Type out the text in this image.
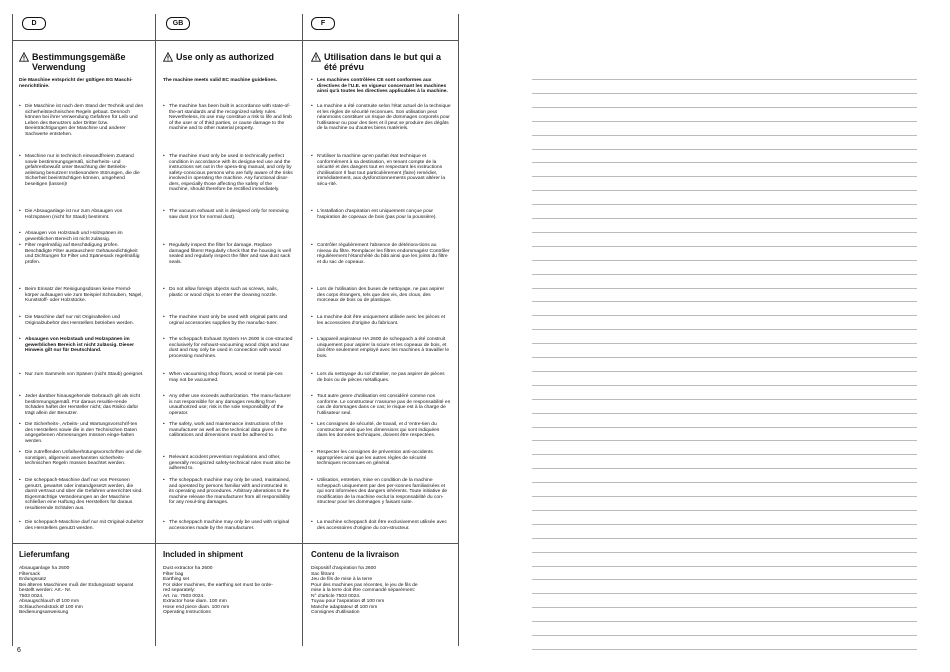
D	GB	F
Bestimmungsgemäße Verwendung
Use only as authorized	Utilisation dans le but qui a été prévu
Die Maschine entspricht der gültigen EG Maschi-nenrichtlinie.
The machine meets valid EC machine guidelines.
• Die Maschine ist nach dem Stand der Technik und den sicherheitstechnischen Regeln gebaut. Dennoch können bei ihrer Verwendung Gefahren für Leib und Leben des Benutzers oder Dritter bzw. Beeinträchtigungen der Maschine und anderer Sachwerte entstehen.
• Maschine nur in technisch einwandfreiem Zustand sowie bestimmungsgemäß, sicherheits- und gefahrenbewußt unter Beachtung der Betriebs-anleitung benutzen! Insbesondere Störungen, die die Sicherheit beeinträchtigen können, umgehend beseitigen (lassen)!
• Die Absauganlage ist nur zum Absaugen von Holzspänen (nicht für Staub) bestimmt.
• Absaugen von Holzstaub und Holzspänen im gewerblichen Bereich ist nicht zulässig.
• Filter regelmäßig auf Beschädigung prüfen. Beschädigte Filter austauschen! Gehäusedichtigkeit und Dichtungen für Filter und Spänesack regelmäßig prüfen.
• Beim Einsatz der Reinigungsdüsen keine Fremd-körper aufsaugen wie zum Beispiel Schrauben, Nägel, Kunststoff- oder Holzstücke.
• Die Maschine darf nur mit Originalteilen und Originalzubehör des Herstellers betrieben werden.
• Absaugen von Holzstaub und Holzspänen im gewerblichen Bereich ist nicht zulässig. Dieser Hinweis gilt nur für Deutschland.
• Nur zum Sammeln von Spänen (nicht Staub) geeignet.
• Jeder darüber hinausgehende Gebrauch gilt als nicht bestimmungsgemäß. Für daraus resultie-rende Schäden haftet der Hersteller nicht; das Risiko dafür trägt allein der Benutzer.
• Die Sicherheits-, Arbeits- und Wartungsvorschrif-ten des Herstellers sowie die in den Technischen Daten angegebenen Abmessungen müssen einge-halten werden.
• Die zutreffenden Unfallverhütungsvorschriften und die sonstigen, allgemein anerkannten sicherheits-technischen Regeln müssen beachtet werden.
• Die scheppach-Maschine darf nur von Personen genutzt, gewartet oder instandgesetzt werden, die damit vertraut und über die Gefahren unterrichtet sind. Eigenmächtige Veränderungen an der Maschine schließen eine Haftung des Herstellers für daraus resultierende Schäden aus.
• Die scheppach-Maschine darf nur mit Original-zubehör des Herstellers genutzt werden.
• The machine has been built in accordance with state-of-the-art standards and the recognized safety rules. Nevertheless, its use may constitue a risk to life and limb of the user or of third parties, or cause damage to the machine and to other material property.
• The machine must only be used in technically perfect condition in accordance with its designa-ted use and the instructions set out in the opera-ting manual, and only by safety-conscious persons who are fully aware of the risks involved in operating the machine. Any functional disor-ders, especially those affecting the safety of the machine, should therefore be rectified immediately.
• The vacuum exhaust unit is designed only for removing saw dust (nor for normal dust).
• Regularly inspect the filter for damage. Replace damaged filters! Regularly check that the housing is well sealed and regularly inspect the filter and saw dust sack seals.
• Do not allow foreign objects such as screws, nails, plastic or wood chips to enter the cleaning nozzle.
• The machine must only be used with original parts and orginal accessories supplies by the manufac-turer.
• The scheppach Exhaust System HA 2600 is con-structed exclusively for exhaust-vacuuming wood chips and saw dust and may only be used in connection with wood processing machines.
• When vacuuming shop floors, wood or metal pie-ces may not be vacuumed.
• Any other use exceeds authorization. The manu-facturer is not responsible for any damages resulting from unauthorized use; risk is the sole responsibility of the operator.
• The safety, work and maintenance instructions of the manufacturer as well as the technical data given in the calibrations and dimensions must be adhered to.
• Relevant accident prevention regulations and other, generally recognized safety-technical rules must also be adhered to.
• The scheppach machine may only be used, maintained, and operated by persons familiar with and instructed in its operating and procedures. Arbitrary alterations to the machine release the manufacturer from all responsibility for any resul-ting damages.
• The scheppach machine may only be used with original accessories made by the manufacturer.
• Les machines contrôlées CE sont conformes aux directives de l'U.E. en vigueur concernant les machines ainsi qu'à toutes les directives applicables à la machine.
• La machine a été construite selon l'état actuel de la technique et les règles de sécurité reconnues. Son utilisation peut néanmoins constituer un risque de dommages corporels pour l'utilisateur ou pour des tiers et il peut se produire des dégâts de la machine ou d'autres biens matériels.
• N'utiliser la machine qu'en parfait état technique et conformément à sa destination, en tenant compte de la sécurité et des dangers tout en respectant les instructions d'utilisation! Il faut tout particulièrement (faire) remédier, immédiatement, aux dysfonctionnements pouvant altérer la sécu-rité.
• L'installation d'aspiration est uniquement conçue pour l'aspiration de copeaux de bois (pas pour la poussière).
• Contrôler régulièrement l'absence de détériora-tions au niveau du filtre. Remplacer les filtres endommagés! Contrôler régulièrement l'étanchéité du bâti ainsi que les joints du filtre et du sac de copeaux.
• Lors de l'utilisation des buses de nettoyage, ne pas aspirer des corps étrangers, tels que des vis, des clous, des morceaux de bois ou de plastique.
• La machine doit être uniquement utilisée avec les pièces et les accessoires d'origine du fabricant.
• L'appareil aspirateur HA 2600 de scheppach a été construit uniquement pour aspirer la sciure et les copeaux de bois, et doit être seulement employé avec les machines à travailler le bois.
• Lors du nettoyage du sol d'atelier, ne pas aspirer de pièces de bois ou de pièces métalliques.
• Tout autre genre d'utilisation est considéré comme non conforme. Le constructeur n'assume pas de responsabilité en cas de dommages dans ce cas; le risque est à la charge de l'utilisateur seul.
• Les consignes de sécurité, de travail, et d 'entre-tien du constructeur ainsi que les dimensions qui sont indiquées dans les données techniques, doivent être respectées.
• Respecter les consignes de prévention anti-accidents appropriées ainsi que les autres règles de sécurité techniques reconnues en général.
• Utilisation, entretien, mise en condition de la machine scheppach uniquement par des per-sonnes familiarisées et qui sont informées des dangers inhérents. Toute initiative de modification de la machine exclut la responsabilité du con-structeur pour les dommages y faisant suite.
• La machine scheppach doit être exclusivement utilisée avec des accessoires d'origine du con-structeur.
Lieferumfang	Included in shipment	Contenu de la livraison
Absauganlage ha 2600
Filtersack
Erdungssatz
Bei älteren Maschinen muß der Erdungssatz separat
bestellt werden: Art.- Nr.
7503 0024.
Absaugschlauch Ø 100 mm
Schlauchendstück Ø 100 mm
Bedienungsanweisung
Dust extractor ha 2600
Filter bag
Earthing set
For older machines, the earthing set must be orde-
red separately:
Art. no. 7503 0024.
Extractor hose diam. 100 mm
Hose end piece diam. 100 mm
Operating Instructions
Dispositif d'aspiration ha 2600
Sac filtrant
Jeu de fils de mise à la terre
Pour des machines pas récentes, le jeu de fils de
mise à la terre doit être commandé séparément:
N° d'article 7503 0024.
Tuyau pour l'aspiration Ø 100 mm
Manche adaptateur Ø 100 mm
Consignes d'utilisation
6
